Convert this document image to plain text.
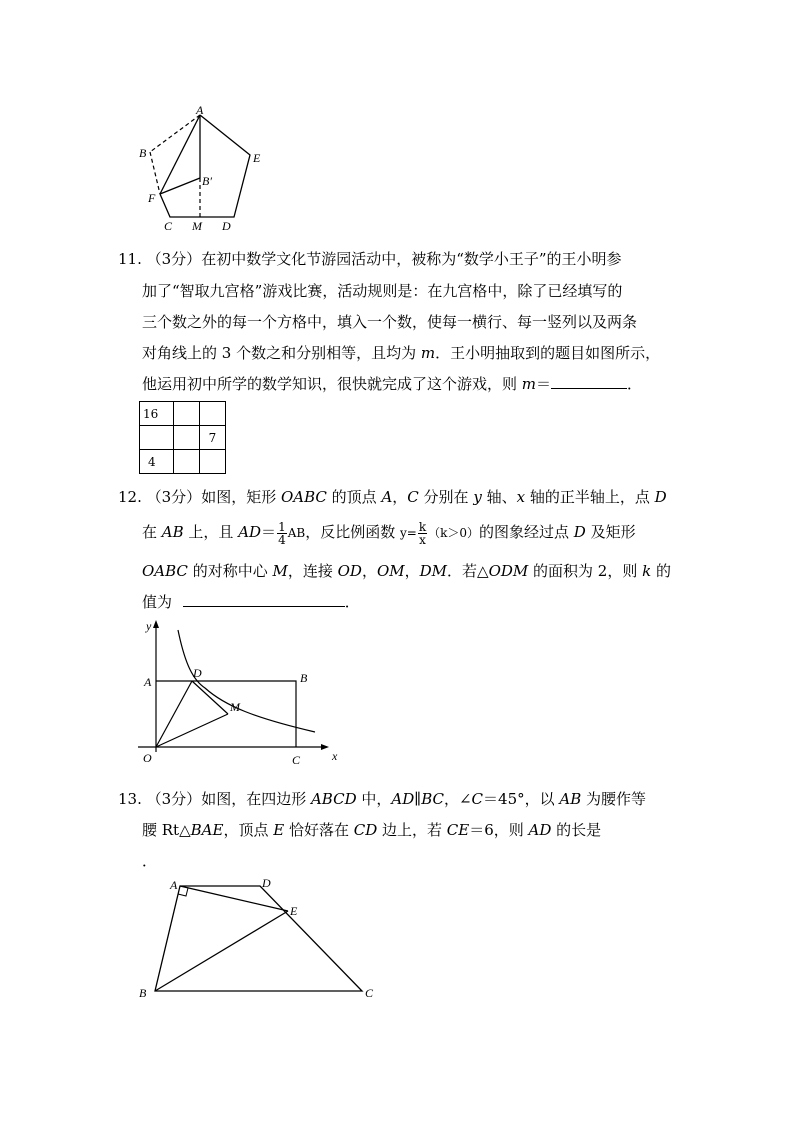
A
B	E
B′
F
C M D
11. （3分）在初中数学文化节游园活动中，被称为“数学小王子”的王小明参
加了“智取九宫格”游戏比赛，活动规则是：在九宫格中，除了已经填写的
三个数之外的每一个方格中，填入一个数，使每一横行、每一竖列以及两条
对角线上的 3 个数之和分别相等，且均为 m．王小明抽取到的题目如图所示，
他运用初中所学的数学知识，很快就完成了这个游戏，则 m＝	．
16		
		7
4		
12. （3分）如图，矩形 OABC 的顶点 A，C 分别在 y 轴、x 轴的正半轴上，点 D
在 AB 上，且 $AD= \frac{1}{4}$ AB，反比例函数 $y= \frac{k}{x} (k>0)$的图象经过点 D 及矩形
OABC 的对称中心 M，连接 OD，OM，DM．若△ODM 的面积为 2，则 k 的
值为	．
y
A
D	B
M
O	C	x
13. （3分）如图，在四边形 ABCD 中，AD∥BC，∠C＝45°，以 AB 为腰作等
腰 Rt△BAE，顶点 E 恰好落在 CD 边上，若 CE＝6，则 AD 的长是
．
A	D
E
B	C
